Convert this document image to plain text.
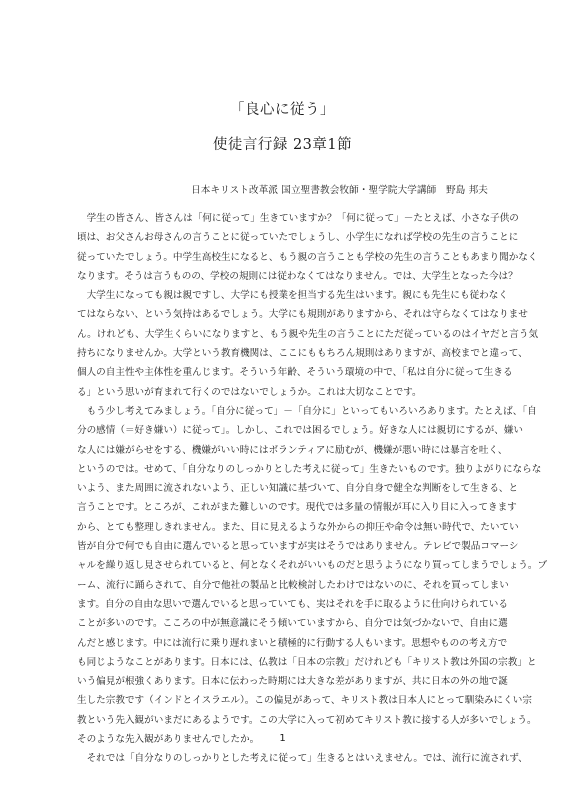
「良心に従う」
使徒言行録 23章1節
日本キリスト改革派 国立聖書教会牧師・聖学院大学講師　野島 邦夫
　学生の皆さん、皆さんは「何に従って」生きていますか？「何に従って」－たとえば、小さな子供の
頃は、お父さんお母さんの言うことに従っていたでしょうし、小学生になれば学校の先生の言うことに
従っていたでしょう。中学生高校生になると、もう親の言うことも学校の先生の言うこともあまり聞かなく
なります。そうは言うものの、学校の規則には従わなくてはなりません。では、大学生となった今は？
　大学生になっても親は親ですし、大学にも授業を担当する先生はいます。親にも先生にも従わなく
てはならない、という気持はあるでしょう。大学にも規則がありますから、それは守らなくてはなりませ
ん。けれども、大学生くらいになりますと、もう親や先生の言うことにただ従っているのはイヤだと言う気
持ちになりませんか。大学という教育機関は、ここにももちろん規則はありますが、高校までと違って、
個人の自主性や主体性を重んじます。そういう年齢、そういう環境の中で、「私は自分に従って生きる
る」という思いが育まれて行くのではないでしょうか。これは大切なことです。
　もう少し考えてみましょう。「自分に従って」－「自分に」といってもいろいろあります。たとえば、「自
分の感情（＝好き嫌い）に従って」。しかし、これでは困るでしょう。好きな人には親切にするが、嫌い
な人には嫌がらせをする、機嫌がいい時にはボランティアに励むが、機嫌が悪い時には暴言を吐く、
というのでは。せめて、「自分なりのしっかりとした考えに従って」生きたいものです。独りよがりにならな
いよう、また周囲に流されないよう、正しい知識に基づいて、自分自身で健全な判断をして生きる、と
言うことです。ところが、これがまた難しいのです。現代では多量の情報が耳に入り目に入ってきます
から、とても整理しきれません。また、目に見えるような外からの抑圧や命令は無い時代で、たいてい
皆が自分で何でも自由に選んでいると思っていますが実はそうではありません。テレビで製品コマーシ
ャルを繰り返し見させられていると、何となくそれがいいものだと思うようになり買ってしまうでしょう。ブ
ーム、流行に踊らされて、自分で他社の製品と比較検討したわけではないのに、それを買ってしまい
ます。自分の自由な思いで選んでいると思っていても、実はそれを手に取るように仕向けられている
ことが多いのです。こころの中が無意識にそう傾いていますから、自分では気づかないで、自由に選
んだと感じます。中には流行に乗り遅れまいと積極的に行動する人もいます。思想やものの考え方で
も同じようなことがあります。日本には、仏教は「日本の宗教」だけれども「キリスト教は外国の宗教」と
いう偏見が根強くあります。日本に伝わった時期には大きな差がありますが、共に日本の外の地で誕
生した宗教です（インドとイスラエル）。この偏見があって、キリスト教は日本人にとって馴染みにくい宗
教という先入観がいまだにあるようです。この大学に入って初めてキリスト教に接する人が多いでしょう。
そのような先入観がありませんでしたか。
　それでは「自分なりのしっかりとした考えに従って」生きるとはいえません。では、流行に流されず、
1
